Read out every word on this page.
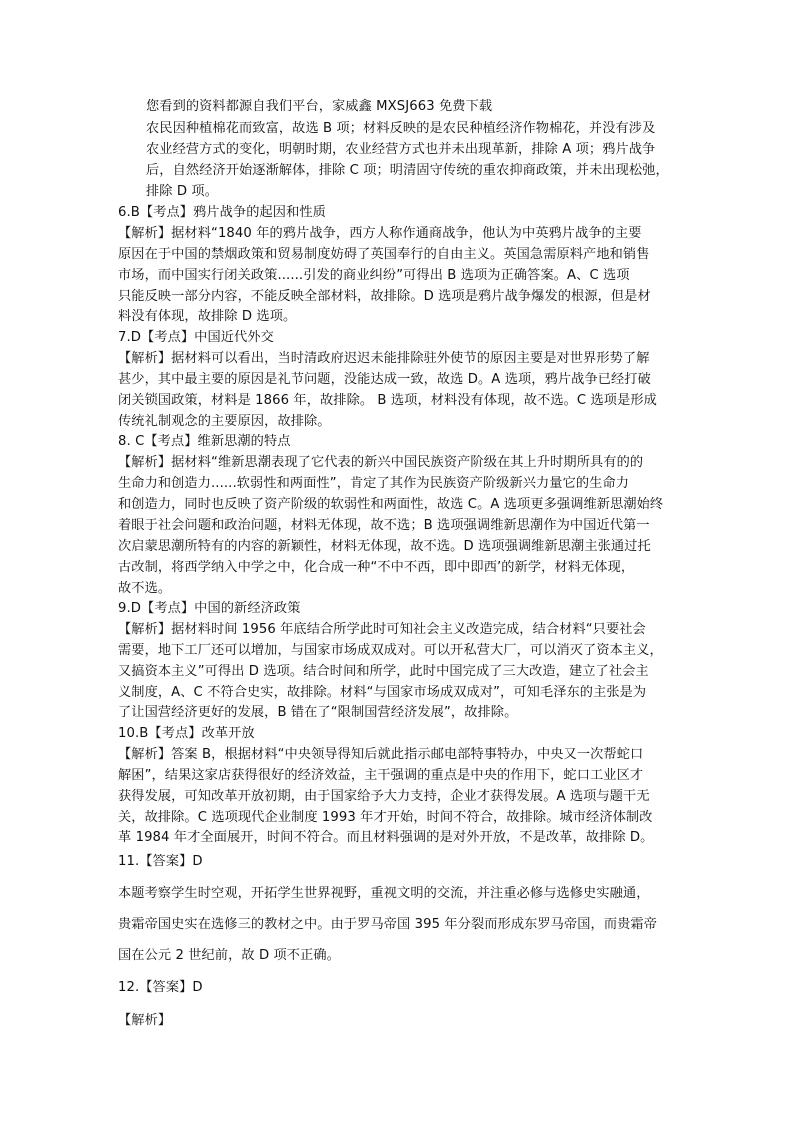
您看到的资料都源自我们平台，家威鑫 MXSJ663 免费下载
农民因种植棉花而致富，故选 B 项；材料反映的是农民种植经济作物棉花，并没有涉及
农业经营方式的变化，明朝时期，农业经营方式也并未出现革新，排除 A 项；鸦片战争
后，自然经济开始逐渐解体，排除 C 项；明清固守传统的重农抑商政策，并未出现松弛，
排除 D 项。
6.B【考点】鸦片战争的起因和性质
【解析】据材料“1840 年的鸦片战争，西方人称作通商战争，他认为中英鸦片战争的主要
原因在于中国的禁烟政策和贸易制度妨碍了英国奉行的自由主义。英国急需原料产地和销售
市场，而中国实行闭关政策......引发的商业纠纷”可得出 B 选项为正确答案。A、C 选项
只能反映一部分内容，不能反映全部材料，故排除。D 选项是鸦片战争爆发的根源，但是材
料没有体现，故排除 D 选项。
7.D【考点】中国近代外交
【解析】据材料可以看出，当时清政府迟迟未能排除驻外使节的原因主要是对世界形势了解
甚少，其中最主要的原因是礼节问题，没能达成一致，故选 D。A 选项，鸦片战争已经打破
闭关锁国政策，材料是 1866 年，故排除。 B 选项，材料没有体现，故不选。C 选项是形成
传统礼制观念的主要原因，故排除。
8. C【考点】维新思潮的特点
【解析】据材料“维新思潮表现了它代表的新兴中国民族资产阶级在其上升时期所具有的的
生命力和创造力......软弱性和两面性”，肯定了其作为民族资产阶级新兴力量它的生命力
和创造力，同时也反映了资产阶级的软弱性和两面性，故选 C。A 选项更多强调维新思潮始终
着眼于社会问题和政治问题，材料无体现，故不选；B 选项强调维新思潮作为中国近代第一
次启蒙思潮所特有的内容的新颖性，材料无体现，故不选。D 选项强调维新思潮主张通过托
古改制，将西学纳入中学之中，化合成一种“不中不西，即中即西’的新学，材料无体现，
故不选。
9.D【考点】中国的新经济政策
【解析】据材料时间 1956 年底结合所学此时可知社会主义改造完成，结合材料“只要社会
需要，地下工厂还可以增加，与国家市场成双成对。可以开私营大厂，可以消灭了资本主义，
又搞资本主义”可得出 D 选项。结合时间和所学，此时中国完成了三大改造，建立了社会主
义制度，A、C 不符合史实，故排除。材料“与国家市场成双成对”，可知毛泽东的主张是为
了让国营经济更好的发展，B 错在了“限制国营经济发展”，故排除。
10.B【考点】改革开放
【解析】答案 B，根据材料“中央领导得知后就此指示邮电部特事特办，中央又一次帮蛇口
解困”，结果这家店获得很好的经济效益，主干强调的重点是中央的作用下，蛇口工业区才
获得发展，可知改革开放初期，由于国家给予大力支持，企业才获得发展。A 选项与题干无
关，故排除。C 选项现代企业制度 1993 年才开始，时间不符合，故排除。城市经济体制改
革 1984 年才全面展开，时间不符合。而且材料强调的是对外开放，不是改革，故排除 D。
11.【答案】D
本题考察学生时空观，开拓学生世界视野，重视文明的交流，并注重必修与选修史实融通，
贵霜帝国史实在选修三的教材之中。由于罗马帝国 395 年分裂而形成东罗马帝国，而贵霜帝
国在公元 2 世纪前，故 D 项不正确。
12.【答案】D
【解析】
